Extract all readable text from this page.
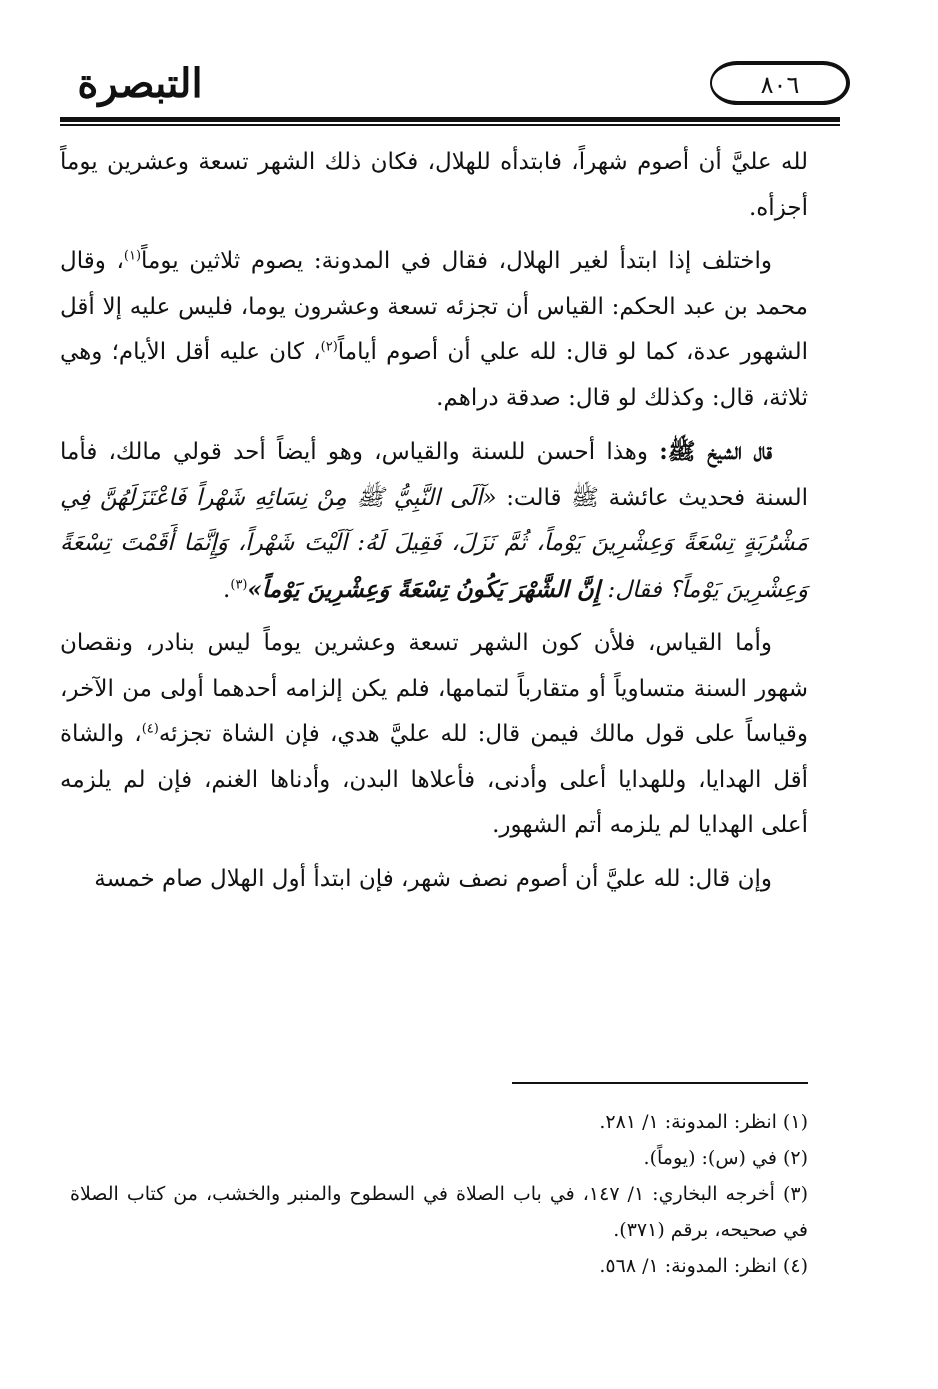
التبصرة	٨٠٦

لله عليَّ أن أصوم شهراً، فابتدأه للهلال، فكان ذلك الشهر تسعة وعشرين يوماً أجزأه.

واختلف إذا ابتدأ لغير الهلال، فقال في المدونة: يصوم ثلاثين يوماً$^{(١)}$، وقال محمد بن عبد الحكم: القياس أن تجزئه تسعة وعشرون يوما، فليس عليه إلا أقل الشهور عدة، كما لو قال: لله علي أن أصوم أياماً$^{(٢)}$، كان عليه أقل الأيام؛ وهي ثلاثة، قال: وكذلك لو قال: صدقة دراهم.

قال الشيخ ﷺ: وهذا أحسن للسنة والقياس، وهو أيضاً أحد قولي مالك، فأما السنة فحديث عائشة ﷺ قالت: «آلَى النَّبِيُّ ﷺ مِنْ نِسَائِهِ شَهْراً فَاعْتَزَلَهُنَّ فِي مَشْرُبَةٍ تِسْعَةً وَعِشْرِينَ يَوْماً، ثُمَّ نَزَلَ، فَقِيلَ لَهُ: آلَيْتَ شَهْراً، وَإِنَّمَا أَقَمْتَ تِسْعَةً وَعِشْرِينَ يَوْماً؟ فقال: إِنَّ الشَّهْرَ يَكُونُ تِسْعَةً وَعِشْرِينَ يَوْماً»$^{(٣)}$.

وأما القياس، فلأن كون الشهر تسعة وعشرين يوماً ليس بنادر، ونقصان شهور السنة متساوياً أو متقارباً لتمامها، فلم يكن إلزامه أحدهما أولى من الآخر، وقياساً على قول مالك فيمن قال: لله عليَّ هدي، فإن الشاة تجزئه$^{(٤)}$، والشاة أقل الهدايا، وللهدايا أعلى وأدنى، فأعلاها البدن، وأدناها الغنم، فإن لم يلزمه أعلى الهدايا لم يلزمه أتم الشهور.

وإن قال: لله عليَّ أن أصوم نصف شهر، فإن ابتدأ أول الهلال صام خمسة

(١) انظر: المدونة: ١/ ٢٨١.

(٢) في (س): (يوماً).

(٣) أخرجه البخاري: ١/ ١٤٧، في باب الصلاة في السطوح والمنبر والخشب، من كتاب الصلاة في صحيحه، برقم (٣٧١).

(٤) انظر: المدونة: ١/ ٥٦٨.
